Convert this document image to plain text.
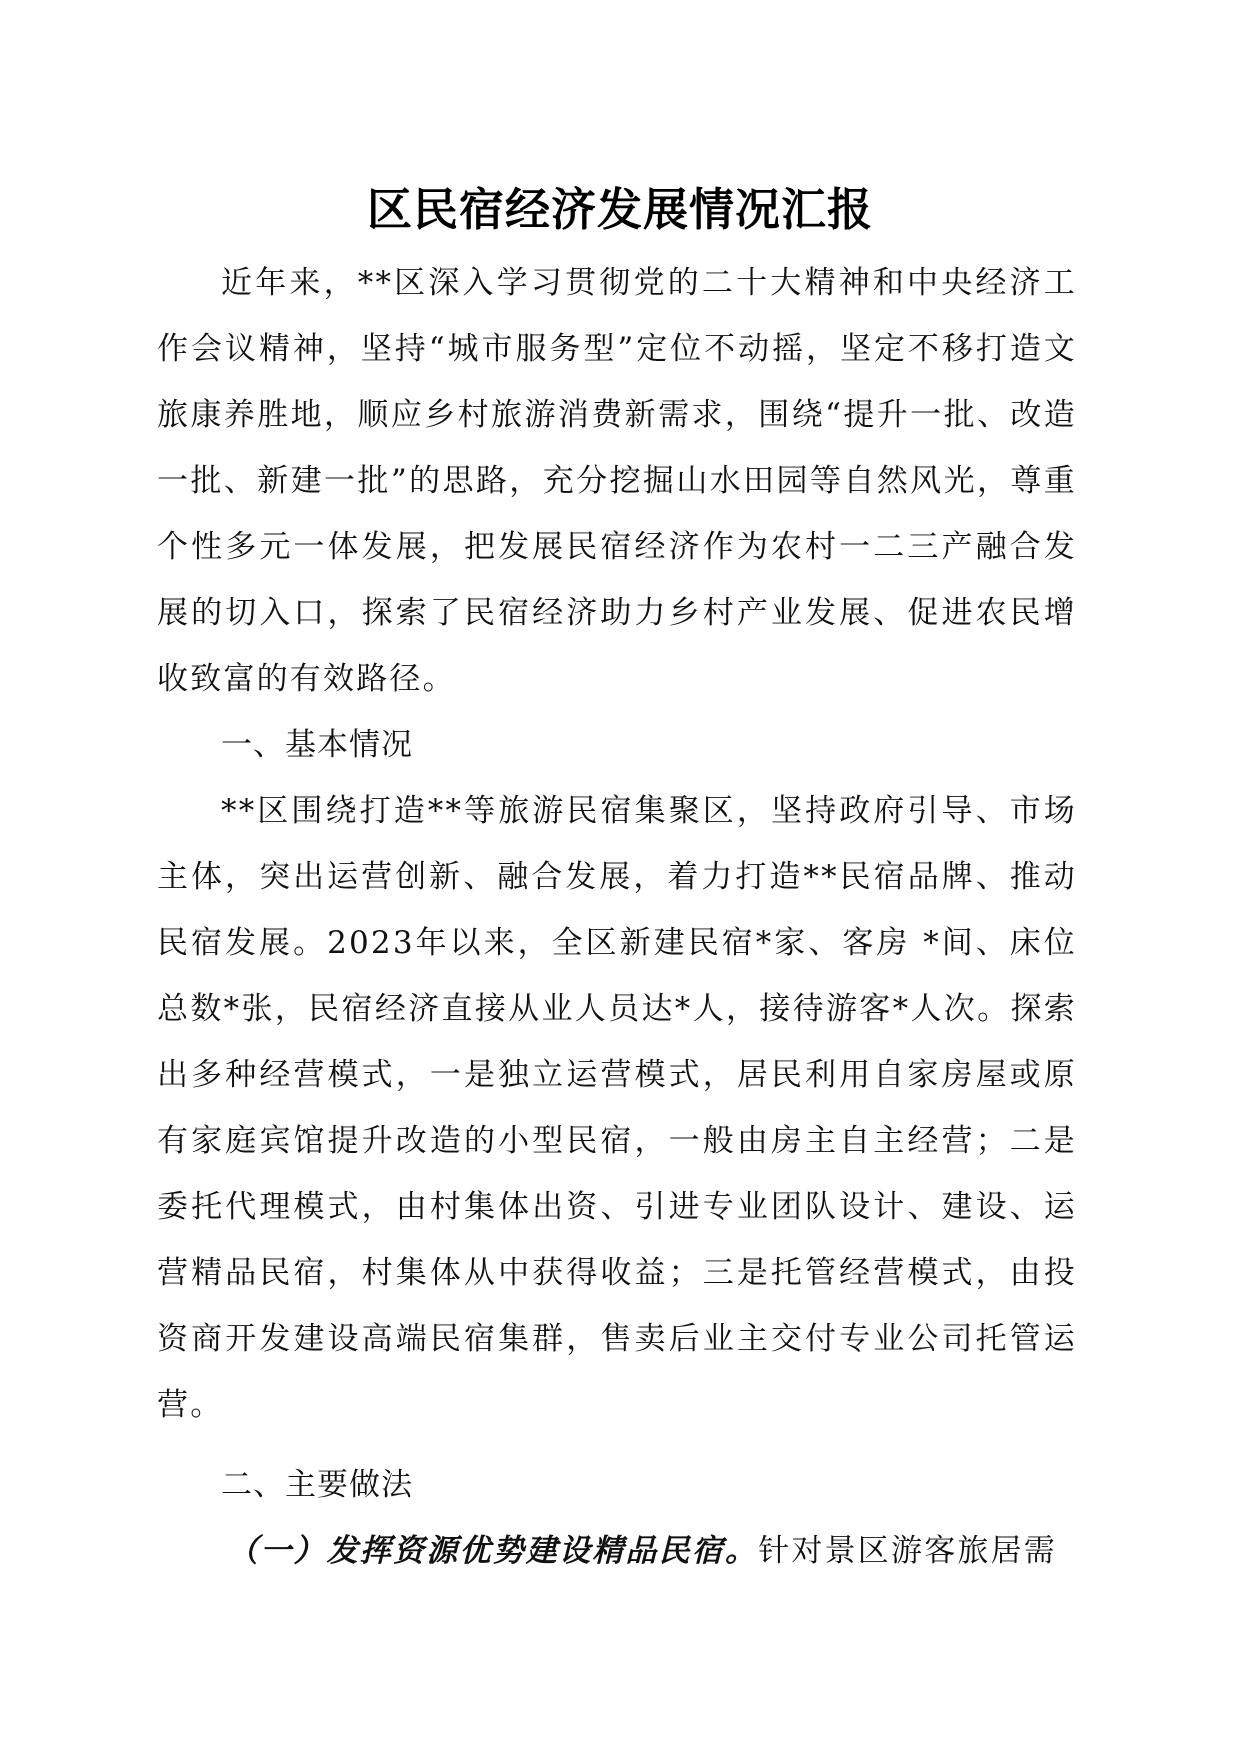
区民宿经济发展情况汇报

近年来，**区深入学习贯彻党的二十大精神和中央经济工作会议精神，坚持“城市服务型”定位不动摇，坚定不移打造文旅康养胜地，顺应乡村旅游消费新需求，围绕“提升一批、改造一批、新建一批”的思路，充分挖掘山水田园等自然风光，尊重个性多元一体发展，把发展民宿经济作为农村一二三产融合发展的切入口，探索了民宿经济助力乡村产业发展、促进农民增收致富的有效路径。

一、基本情况

**区围绕打造**等旅游民宿集聚区，坚持政府引导、市场主体，突出运营创新、融合发展，着力打造**民宿品牌、推动民宿发展。2023年以来，全区新建民宿*家、客房 *间、床位总数*张，民宿经济直接从业人员达*人，接待游客*人次。探索出多种经营模式，一是独立运营模式，居民利用自家房屋或原有家庭宾馆提升改造的小型民宿，一般由房主自主经营；二是委托代理模式，由村集体出资、引进专业团队设计、建设、运营精品民宿，村集体从中获得收益；三是托管经营模式，由投资商开发建设高端民宿集群，售卖后业主交付专业公司托管运营。

二、主要做法

（一）发挥资源优势建设精品民宿。针对景区游客旅居需
